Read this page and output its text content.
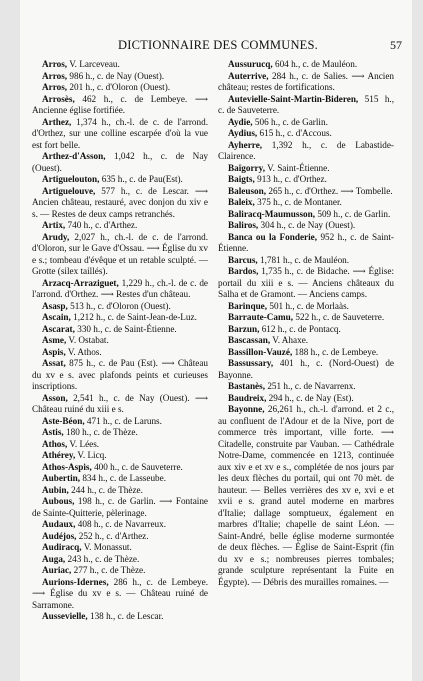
DICTIONNAIRE DES COMMUNES.	57

Arros, V. Larceveau.

Arros, 986 h., c. de Nay (Ouest).

Arros, 201 h., c. d'Oloron (Ouest).

Arrosès, 462 h., c. de Lembeye. ⟶ Ancienne église fortifiée.

Arthez, 1,374 h., ch.-l. de c. de l'arrond. d'Orthez, sur une colline escarpée d'où la vue est fort belle.

Arthez-d'Asson, 1,042 h., c. de Nay (Ouest).

Artiguelouton, 635 h., c. de Pau(Est).

Artiguelouve, 577 h., c. de Lescar. ⟶ Ancien château, restauré, avec donjon du xiv e s. — Restes de deux camps retranchés.

Artix, 740 h., c. d'Arthez.

Arudy, 2,027 h., ch.-l. de c. de l'arrond. d'Oloron, sur le Gave d'Ossau. ⟶ Église du xv e s.; tombeau d'évêque et un retable sculpté. — Grotte (silex taillés).

Arzacq-Arraziguet, 1,229 h., ch.-l. de c. de l'arrond. d'Orthez. ⟶ Restes d'un château.

Asasp, 513 h., c. d'Oloron (Ouest).

Ascain, 1,212 h., c. de Saint-Jean-de-Luz.

Ascarat, 330 h., c. de Saint-Étienne.

Asme, V. Ostabat.

Aspis, V. Athos.

Assat, 875 h., c. de Pau (Est). ⟶ Château du xv e s. avec plafonds peints et curieuses inscriptions.

Asson, 2,541 h., c. de Nay (Ouest). ⟶ Château ruiné du xiii e s.

Aste-Béon, 471 h., c. de Laruns.

Astis, 180 h., c. de Thèze.

Athos, V. Lées.

Athérey, V. Licq.

Athos-Aspis, 400 h., c. de Sauveterre.

Aubertin, 834 h., c. de Lasseube.

Aubin, 244 h., c. de Thèze.

Aubous, 198 h., c. de Garlin. ⟶ Fontaine de Sainte-Quitterie, pèlerinage.

Audaux, 408 h., c. de Navarreux.

Audéjos, 252 h., c. d'Arthez.

Audiracq, V. Monassut.

Auga, 243 h., c. de Thèze.

Auriac, 277 h., c. de Thèze.

Aurions-Idernes, 286 h., c. de Lembeye. ⟶ Église du xv e s. — Château ruiné de Sarramone.

Aussevielle, 138 h., c. de Lescar.

Aussurucq, 604 h., c. de Mauléon.

Auterrive, 284 h., c. de Salies. ⟶ Ancien château; restes de fortifications.

Autevielle-Saint-Martin-Bideren, 515 h., c. de Sauveterre.

Aydie, 506 h., c. de Garlin.

Aydius, 615 h., c. d'Accous.

Ayherre, 1,392 h., c. de Labastide-Clairence.

Baïgorry, V. Saint-Étienne.

Baigts, 913 h., c. d'Orthez.

Baleuson, 265 h., c. d'Orthez. ⟶ Tombelle.

Baleix, 375 h., c. de Montaner.

Baliracq-Maumusson, 509 h., c. de Garlin.

Baliros, 304 h., c. de Nay (Ouest).

Banca ou la Fonderie, 952 h., c. de Saint-Étienne.

Barcus, 1,781 h., c. de Mauléon.

Bardos, 1,735 h., c. de Bidache. ⟶ Église: portail du xiii e s. — Anciens châteaux du Salha et de Gramont. — Anciens camps.

Barinque, 501 h., c. de Morlaàs.

Barraute-Camu, 522 h., c. de Sauveterre.

Barzun, 612 h., c. de Pontacq.

Bascassan, V. Ahaxe.

Bassillon-Vauzé, 188 h., c. de Lembeye.

Bassussary, 401 h., c. (Nord-Ouest) de Bayonne.

Bastanès, 251 h., c. de Navarrenx.

Baudreix, 294 h., c. de Nay (Est).

Bayonne, 26,261 h., ch.-l. d'arrond. et 2 c., au confluent de l'Adour et de la Nive, port de commerce très important, ville forte. ⟶ Citadelle, construite par Vauban. — Cathédrale Notre-Dame, commencée en 1213, continuée aux xiv e et xv e s., complétée de nos jours par les deux flèches du portail, qui ont 70 mèt. de hauteur. — Belles verrières des xv e, xvi e et xvii e s. grand autel moderne en marbres d'Italie; dallage somptueux, également en marbres d'Italie; chapelle de saint Léon. — Saint-André, belle église moderne surmontée de deux flèches. — Église de Saint-Esprit (fin du xv e s.; nombreuses pierres tombales; grande sculpture représentant la Fuite en Égypte). — Débris des murailles romaines. —
